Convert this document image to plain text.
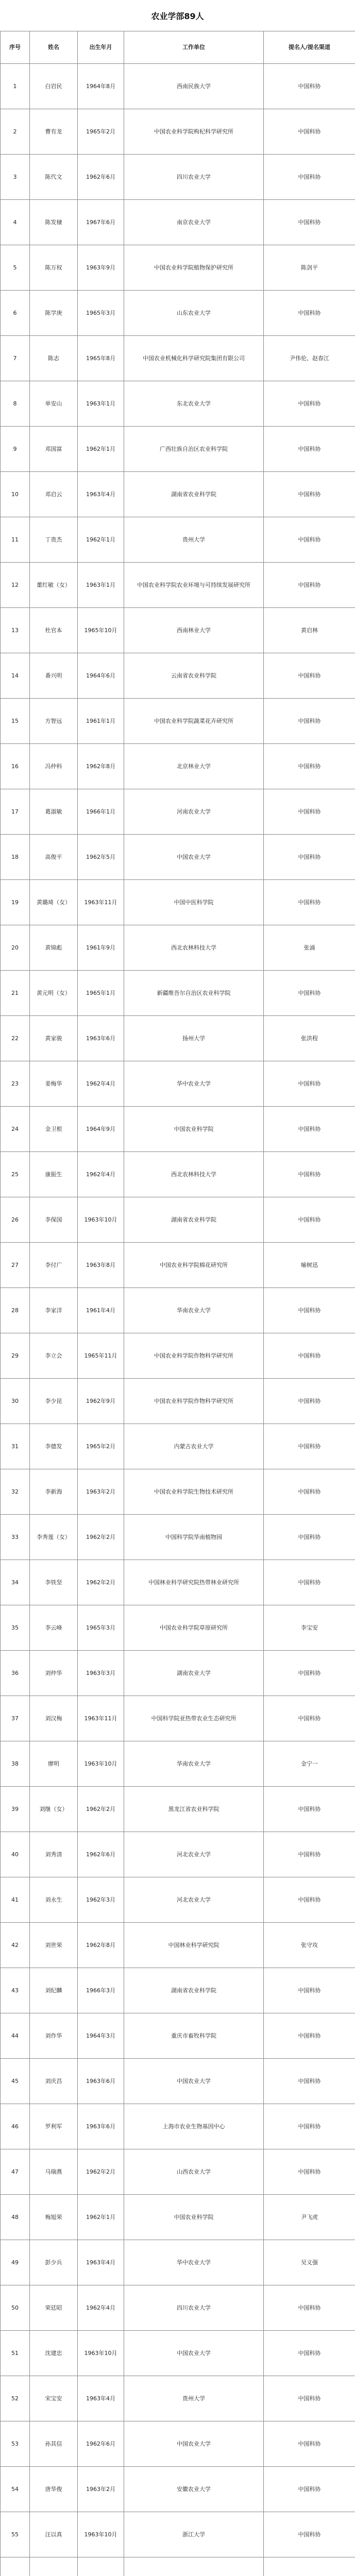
农业学部89人
序号	姓名	出生年月	工作单位	提名人/提名渠道
1	白岩民	1964年8月	西南民族大学	中国科协
2	曹有龙	1965年2月	中国农业科学院枸杞科学研究所	中国科协
3	陈代文	1962年6月	四川农业大学	中国科协
4	陈发棣	1967年6月	南京农业大学	中国科协
5	陈万权	1963年9月	中国农业科学院植物保护研究所	陈剑平
6	陈学庚	1965年3月	山东农业大学	中国科协
7	陈志	1965年8月	中国农业机械化科学研究院集团有限公司	尹伟伦、赵春江
8	单安山	1963年1月	东北农业大学	中国科协
9	邓国富	1962年1月	广西壮族自治区农业科学院	中国科协
10	邓启云	1963年4月	湖南省农业科学院	中国科协
11	丁贵杰	1962年1月	贵州大学	中国科协
12	董红敏（女）	1963年1月	中国农业科学院农业环境与可持续发展研究所	中国科协
13	杜官本	1965年10月	西南林业大学	黄启林
14	番兴明	1964年6月	云南省农业科学院	中国科协
15	方智远	1961年1月	中国农业科学院蔬菜花卉研究所	中国科协
16	冯仲科	1962年8月	北京林业大学	中国科协
17	葛淑敏	1966年1月	河南农业大学	中国科协
18	高俊平	1962年5月	中国农业大学	中国科协
19	黄璐琦（女）	1963年11月	中国中医科学院	中国科协
20	黄锦彪	1961年9月	西北农林科技大学	张涌
21	黄元明（女）	1965年1月	新疆维吾尔自治区农业科学院	中国科协
22	黄家骏	1963年6月	扬州大学	张洪程
23	姜梅华	1962年4月	华中农业大学	中国科协
24	金卫根	1964年9月	中国农业科学院	中国科协
25	康振生	1962年4月	西北农林科技大学	中国科协
26	李保国	1963年10月	湖南省农业科学院	中国科协
27	李付广	1963年8月	中国农业科学院棉花研究所	喻树迅
28	李家洋	1961年4月	华南农业大学	中国科协
29	李立会	1965年11月	中国农业科学院作物科学研究所	中国科协
30	李少昆	1962年9月	中国农业科学院作物科学研究所	中国科协
31	李德发	1965年2月	内蒙古农业大学	中国科协
32	李新海	1963年2月	中国农业科学院生物技术研究所	中国科协
33	李秀莲（女）	1962年2月	中国科学院华南植物园	中国科协
34	李铁坚	1962年2月	中国林业科学研究院热带林业研究所	中国科协
35	李云峰	1965年3月	中国农业科学院草原研究所	李宝安
36	刘仲华	1963年3月	湖南农业大学	中国科协
37	刘汉梅	1963年11月	中国科学院亚热带农业生态研究所	中国科协
38	廖明	1963年10月	华南农业大学	金宁一
39	刘继（女）	1962年2月	黑龙江省农业科学院	中国科协
40	刘秀清	1962年6月	河北农业大学	中国科协
41	刘永生	1962年3月	河北农业大学	中国科协
42	刘世荣	1962年8月	中国林业科学研究院	张守攻
43	刘纪麟	1966年3月	湖南省农业科学院	中国科协
44	刘作华	1964年3月	重庆市畜牧科学院	中国科协
45	刘庆昌	1963年6月	中国农业大学	中国科协
46	罗利军	1963年6月	上海市农业生物基因中心	中国科协
47	马瑞燕	1962年2月	山西农业大学	中国科协
48	梅旭荣	1962年1月	中国农业科学院	尹飞虎
49	彭少兵	1963年4月	华中农业大学	吴义强
50	荣廷昭	1962年4月	四川农业大学	中国科协
51	沈建忠	1963年10月	中国农业大学	中国科协
52	宋宝安	1963年4月	贵州大学	中国科协
53	孙其信	1962年6月	中国农业大学	中国科协
54	唐华俊	1963年2月	安徽农业大学	中国科协
55	汪以真	1963年10月	浙江大学	中国科协
